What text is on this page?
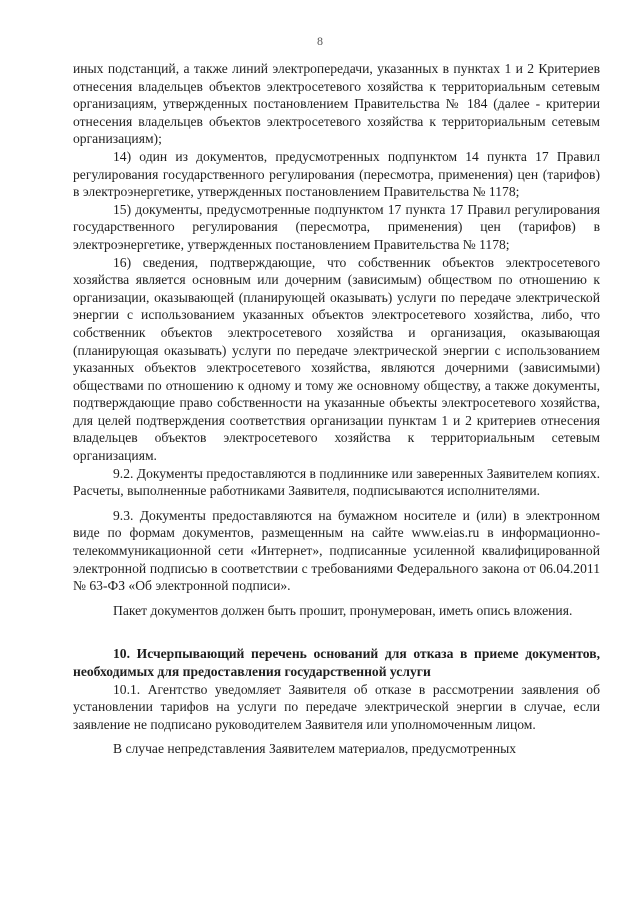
8

иных подстанций, а также линий электропередачи, указанных в пунктах 1 и 2 Критериев отнесения владельцев объектов электросетевого хозяйства к территориальным сетевым организациям, утвержденных постановлением Правительства № 184 (далее - критерии отнесения владельцев объектов электросетевого хозяйства к территориальным сетевым организациям);

14) один из документов, предусмотренных подпунктом 14 пункта 17 Правил регулирования государственного регулирования (пересмотра, применения) цен (тарифов) в электроэнергетике, утвержденных постановлением Правительства № 1178;

15) документы, предусмотренные подпунктом 17 пункта 17 Правил регулирования государственного регулирования (пересмотра, применения) цен (тарифов) в электроэнергетике, утвержденных постановлением Правительства № 1178;

16) сведения, подтверждающие, что собственник объектов электросетевого хозяйства является основным или дочерним (зависимым) обществом по отношению к организации, оказывающей (планирующей оказывать) услуги по передаче электрической энергии с использованием указанных объектов электросетевого хозяйства, либо, что собственник объектов электросетевого хозяйства и организация, оказывающая (планирующая оказывать) услуги по передаче электрической энергии с использованием указанных объектов электросетевого хозяйства, являются дочерними (зависимыми) обществами по отношению к одному и тому же основному обществу, а также документы, подтверждающие право собственности на указанные объекты электросетевого хозяйства, для целей подтверждения соответствия организации пунктам 1 и 2 критериев отнесения владельцев объектов электросетевого хозяйства к территориальным сетевым организациям.

9.2. Документы предоставляются в подлиннике или заверенных Заявителем копиях. Расчеты, выполненные работниками Заявителя, подписываются исполнителями.

9.3. Документы предоставляются на бумажном носителе и (или) в электронном виде по формам документов, размещенным на сайте www.eias.ru в информационно-телекоммуникационной сети «Интернет», подписанные усиленной квалифицированной электронной подписью в соответствии с требованиями Федерального закона от 06.04.2011 № 63-ФЗ «Об электронной подписи».

Пакет документов должен быть прошит, пронумерован, иметь опись вложения.

10. Исчерпывающий перечень оснований для отказа в приеме документов, необходимых для предоставления государственной услуги

10.1. Агентство уведомляет Заявителя об отказе в рассмотрении заявления об установлении тарифов на услуги по передаче электрической энергии в случае, если заявление не подписано руководителем Заявителя или уполномоченным лицом.

В случае непредставления Заявителем материалов, предусмотренных
